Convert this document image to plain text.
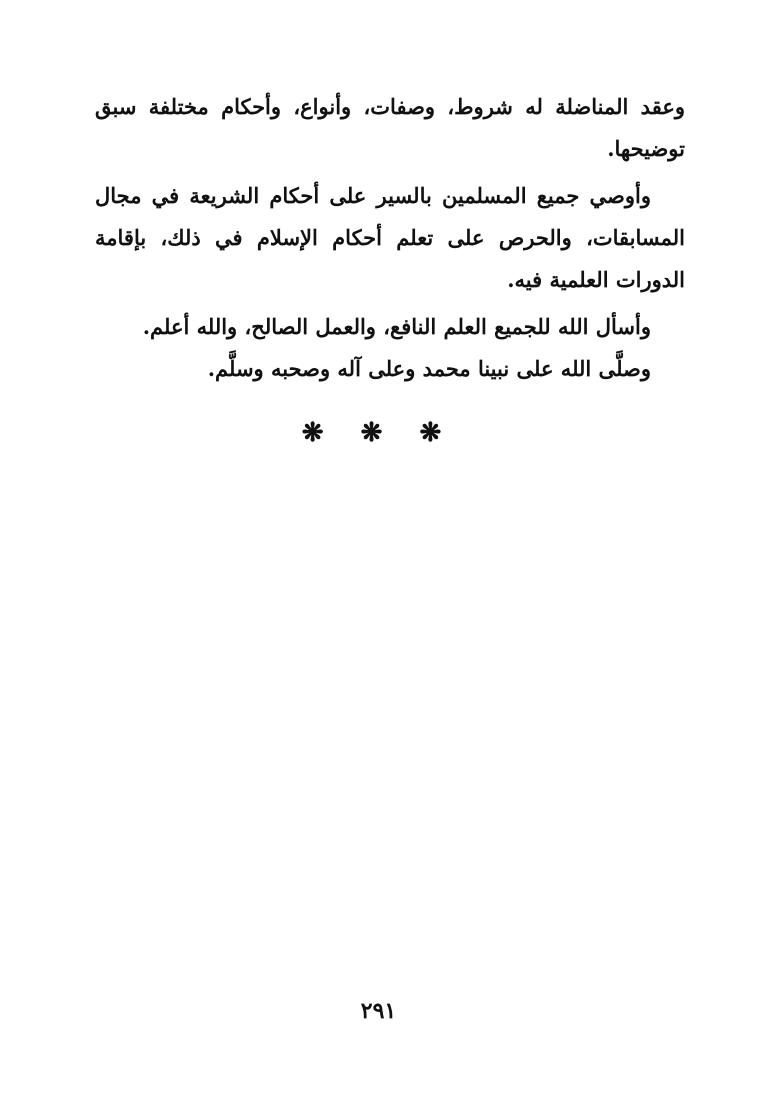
وعقد المناضلة له شروط، وصفات، وأنواع، وأحكام مختلفة سبق توضيحها.

وأوصي جميع المسلمين بالسير على أحكام الشريعة في مجال المسابقات، والحرص على تعلم أحكام الإسلام في ذلك، بإقامة الدورات العلمية فيه.

وأسأل الله للجميع العلم النافع، والعمل الصالح، والله أعلم.

وصلَّى الله على نبينا محمد وعلى آله وصحبه وسلَّم.

❋ ❋ ❋
٢٩١
